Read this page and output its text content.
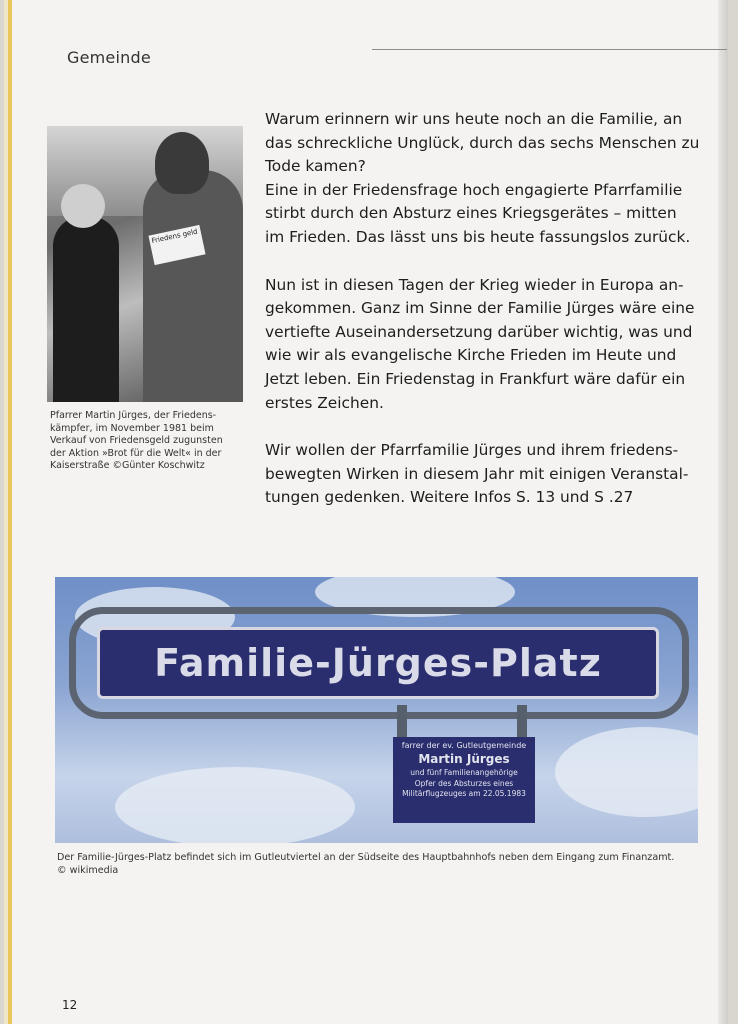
Gemeinde
Friedens geld

Pfarrer Martin Jürges, der Friedens-
kämpfer, im November 1981 beim
Verkauf von Friedensgeld zugunsten
der Aktion »Brot für die Welt« in der
Kaiserstraße ©Günter Koschwitz

Warum erinnern wir uns heute noch an die Familie, an
das schreckliche Unglück, durch das sechs Menschen zu
Tode kamen?
Eine in der Friedensfrage hoch engagierte Pfarrfamilie
stirbt durch den Absturz eines Kriegsgerätes – mitten
im Frieden. Das lässt uns bis heute fassungslos zurück.

Nun ist in diesen Tagen der Krieg wieder in Europa an-
gekommen. Ganz im Sinne der Familie Jürges wäre eine
vertiefte Auseinandersetzung darüber wichtig, was und
wie wir als evangelische Kirche Frieden im Heute und
Jetzt leben. Ein Friedenstag in Frankfurt wäre dafür ein
erstes Zeichen.

Wir wollen der Pfarrfamilie Jürges und ihrem friedens-
bewegten Wirken in diesem Jahr mit einigen Veranstal-
tungen gedenken. Weitere Infos S. 13 und S .27

Familie-Jürges-Platz
farrer der ev. Gutleutgemeinde
Martin Jürges
und fünf Familienangehörige
Opfer des Absturzes eines
Militärflugzeuges am 22.05.1983

Der Familie-Jürges-Platz befindet sich im Gutleutviertel an der Südseite des Hauptbahnhofs neben dem Eingang zum Finanzamt.
© wikimedia

12
